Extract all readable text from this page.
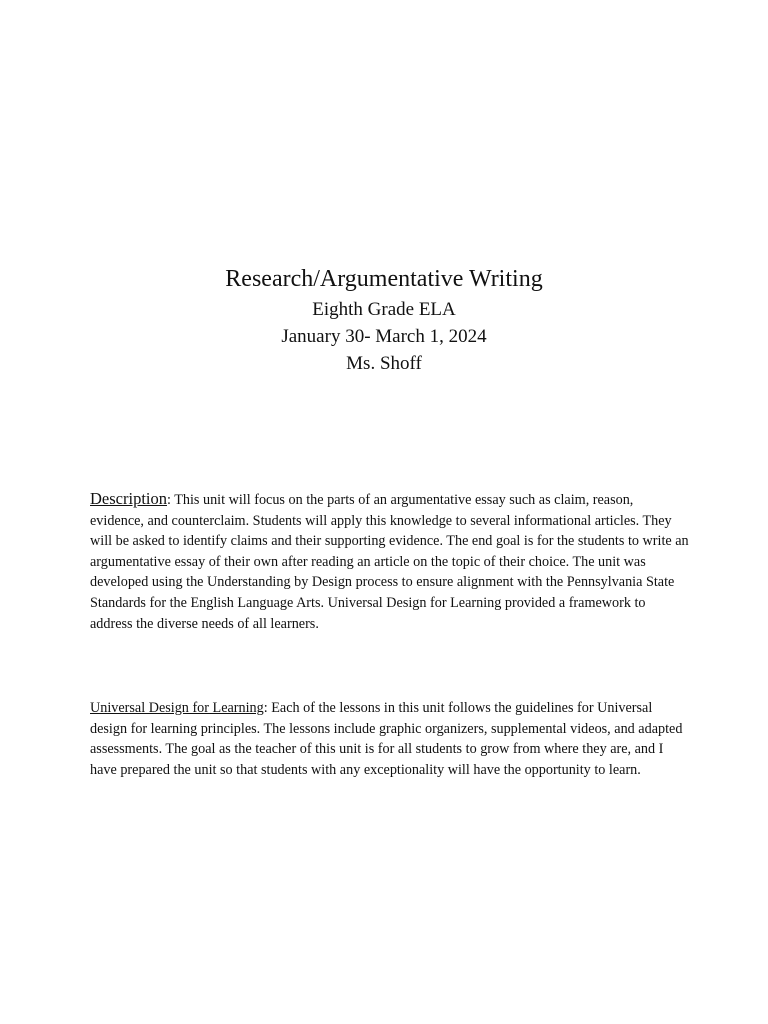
Research/Argumentative Writing

Eighth Grade ELA

January 30- March 1, 2024

Ms. Shoff

Description: This unit will focus on the parts of an argumentative essay such as claim, reason, evidence, and counterclaim. Students will apply this knowledge to several informational articles. They will be asked to identify claims and their supporting evidence. The end goal is for the students to write an argumentative essay of their own after reading an article on the topic of their choice. The unit was developed using the Understanding by Design process to ensure alignment with the Pennsylvania State Standards for the English Language Arts. Universal Design for Learning provided a framework to address the diverse needs of all learners.

Universal Design for Learning: Each of the lessons in this unit follows the guidelines for Universal design for learning principles. The lessons include graphic organizers, supplemental videos, and adapted assessments. The goal as the teacher of this unit is for all students to grow from where they are, and I have prepared the unit so that students with any exceptionality will have the opportunity to learn.
